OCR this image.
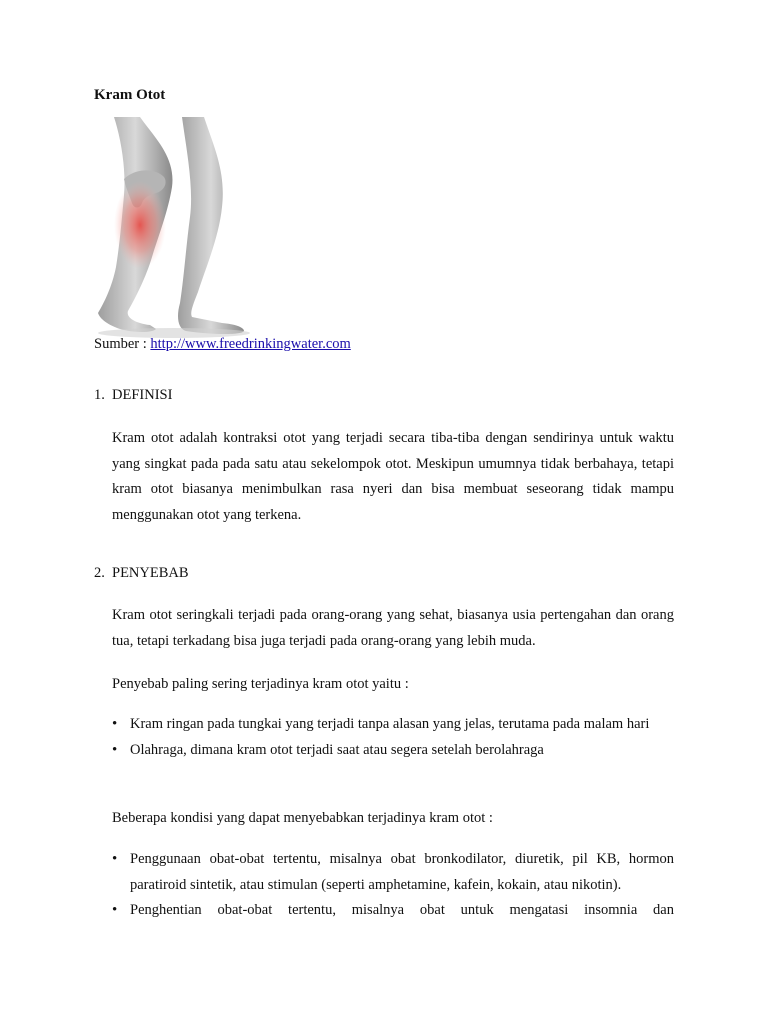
Kram Otot
Sumber : http://www.freedrinkingwater.com
1. DEFINISI
Kram otot adalah kontraksi otot yang terjadi secara tiba-tiba dengan sendirinya untuk waktu yang singkat pada pada satu atau sekelompok otot. Meskipun umumnya tidak berbahaya, tetapi kram otot biasanya menimbulkan rasa nyeri dan bisa membuat seseorang tidak mampu menggunakan otot yang terkena.
2. PENYEBAB
Kram otot seringkali terjadi pada orang-orang yang sehat, biasanya usia pertengahan dan orang tua, tetapi terkadang bisa juga terjadi pada orang-orang yang lebih muda.
Penyebab paling sering terjadinya kram otot yaitu :
• Kram ringan pada tungkai yang terjadi tanpa alasan yang jelas, terutama pada malam hari
• Olahraga, dimana kram otot terjadi saat atau segera setelah berolahraga
Beberapa kondisi yang dapat menyebabkan terjadinya kram otot :
• Penggunaan obat-obat tertentu, misalnya obat bronkodilator, diuretik, pil KB, hormon paratiroid sintetik, atau stimulan (seperti amphetamine, kafein, kokain, atau nikotin).
• Penghentian obat-obat tertentu, misalnya obat untuk mengatasi insomnia dan
